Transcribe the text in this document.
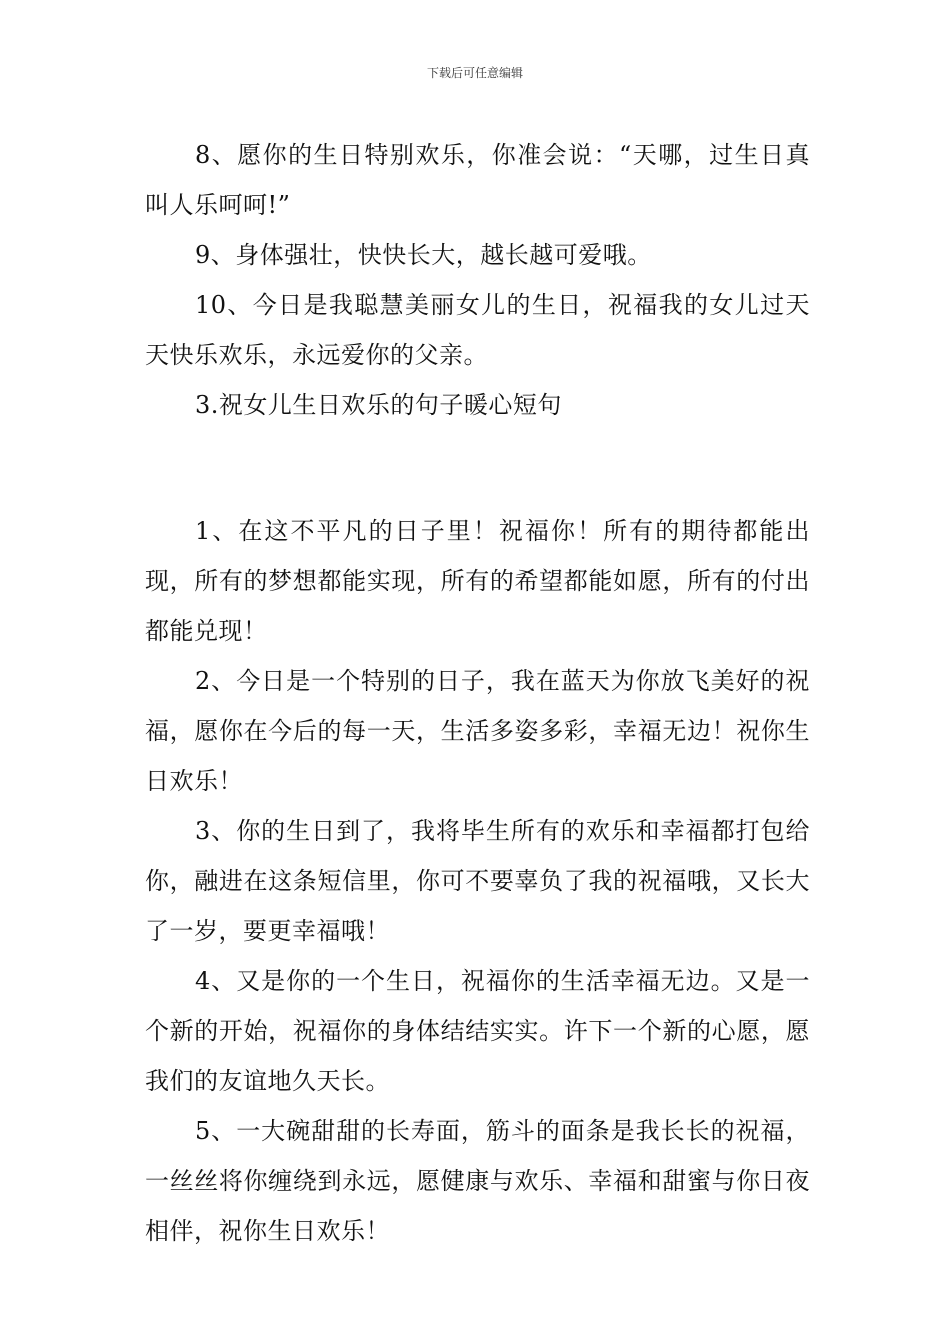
下载后可任意编辑

8、愿你的生日特别欢乐，你准会说：“天哪，过生日真叫人乐呵呵!”

9、身体强壮，快快长大，越长越可爱哦。

10、今日是我聪慧美丽女儿的生日，祝福我的女儿过天天快乐欢乐，永远爱你的父亲。

3.祝女儿生日欢乐的句子暖心短句

1、在这不平凡的日子里！祝福你！所有的期待都能出现，所有的梦想都能实现，所有的希望都能如愿，所有的付出都能兑现！

2、今日是一个特别的日子，我在蓝天为你放飞美好的祝福，愿你在今后的每一天，生活多姿多彩，幸福无边！祝你生日欢乐！

3、你的生日到了，我将毕生所有的欢乐和幸福都打包给你，融进在这条短信里，你可不要辜负了我的祝福哦，又长大了一岁，要更幸福哦！

4、又是你的一个生日，祝福你的生活幸福无边。又是一个新的开始，祝福你的身体结结实实。许下一个新的心愿，愿我们的友谊地久天长。

5、一大碗甜甜的长寿面，筋斗的面条是我长长的祝福，一丝丝将你缠绕到永远，愿健康与欢乐、幸福和甜蜜与你日夜相伴，祝你生日欢乐！
